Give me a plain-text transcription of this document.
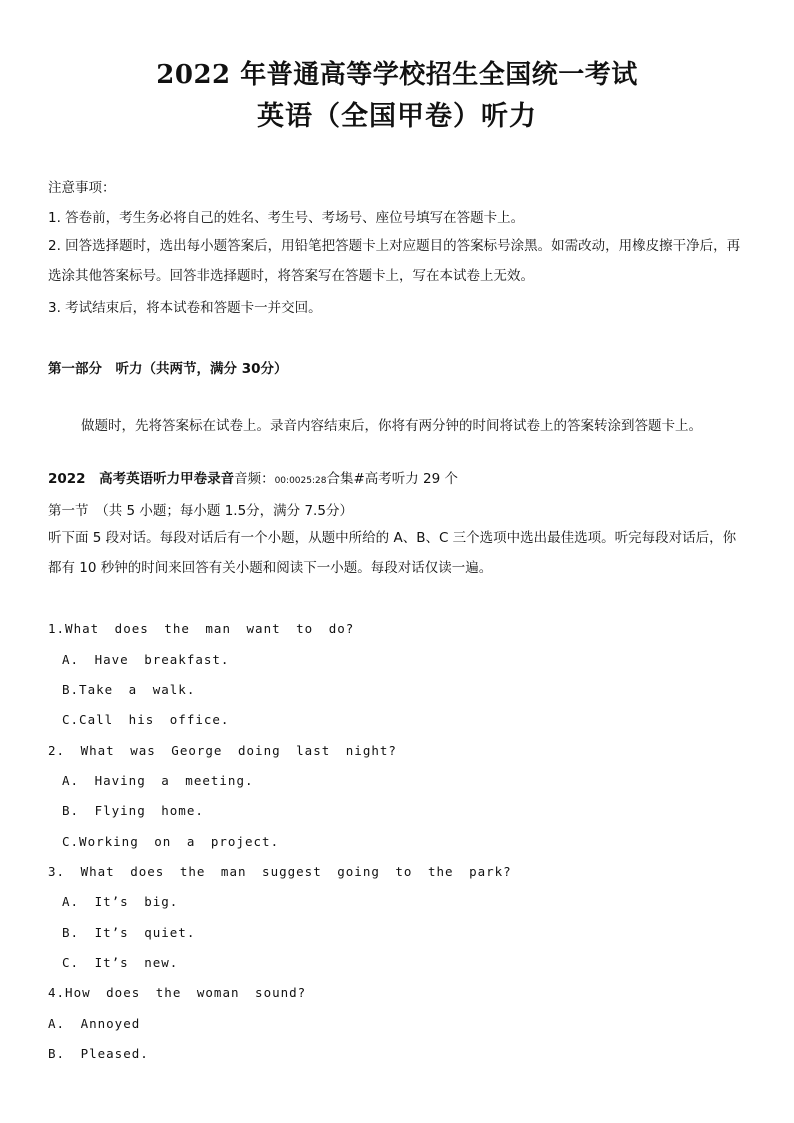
2022 年普通高等学校招生全国统一考试
英语（全国甲卷）听力
注意事项：
1. 答卷前，考生务必将自己的姓名、考生号、考场号、座位号填写在答题卡上。
2. 回答选择题时，选出每小题答案后，用铅笔把答题卡上对应题目的答案标号涂黑。如需改动，用橡皮擦干净后，再选涂其他答案标号。回答非选择题时，将答案写在答题卡上，写在本试卷上无效。
3. 考试结束后，将本试卷和答题卡一并交回。
第一部分　听力（共两节，满分 30分）
做题时，先将答案标在试卷上。录音内容结束后，你将有两分钟的时间将试卷上的答案转涂到答题卡上。
2022　高考英语听力甲卷录音音频：00:0025:28合集#高考听力 29 个
第一节　（共 5 小题；每小题 1.5分，满分 7.5分）
听下面 5 段对话。每段对话后有一个小题，从题中所给的 A、B、C 三个选项中选出最佳选项。听完每段对话后，你都有 10 秒钟的时间来回答有关小题和阅读下一小题。每段对话仅读一遍。
1.What does the man want to do?
A. Have breakfast.
B.Take a walk.
C.Call his office.
2. What was George doing last night?
A. Having a meeting.
B. Flying home.
C.Working on a project.
3. What does the man suggest going to the park?
A. It’s big.
B. It’s quiet.
C. It’s new.
4.How does the woman sound?
A. Annoyed
B. Pleased.
